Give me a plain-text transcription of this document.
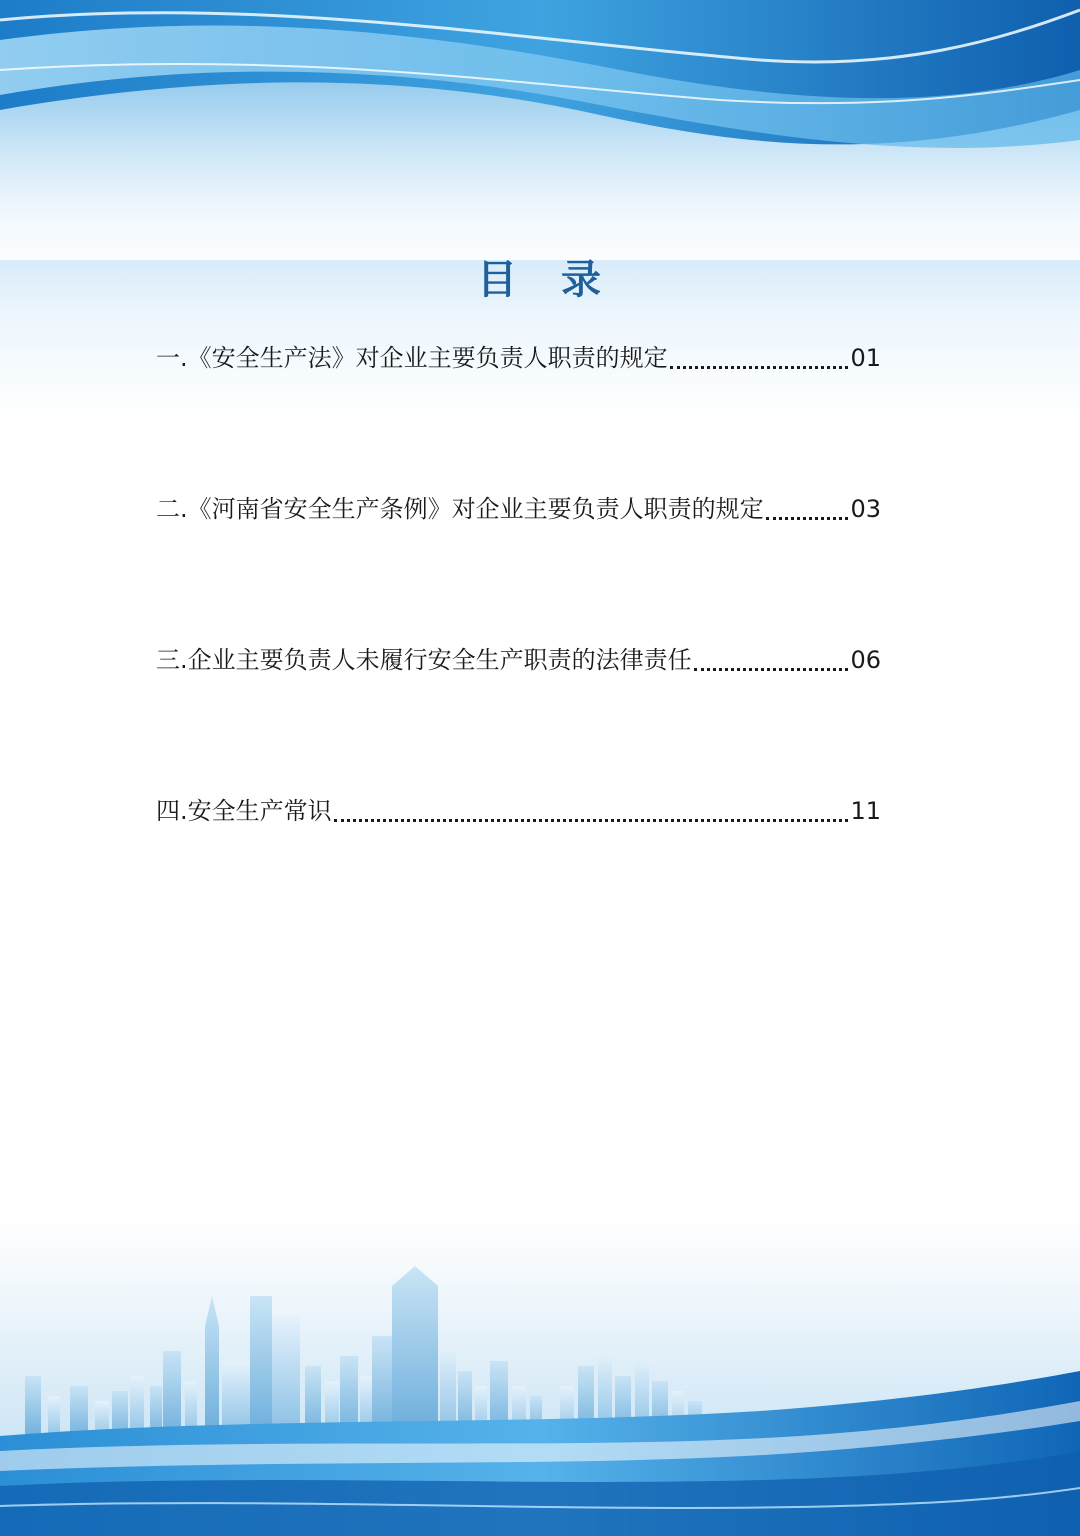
目 录
一. 《安全生产法》对企业主要负责人职责的规定	01
二. 《河南省安全生产条例》对企业主要负责人职责的规定	03
三. 企业主要负责人未履行安全生产职责的法律责任	06
四. 安全生产常识	11
